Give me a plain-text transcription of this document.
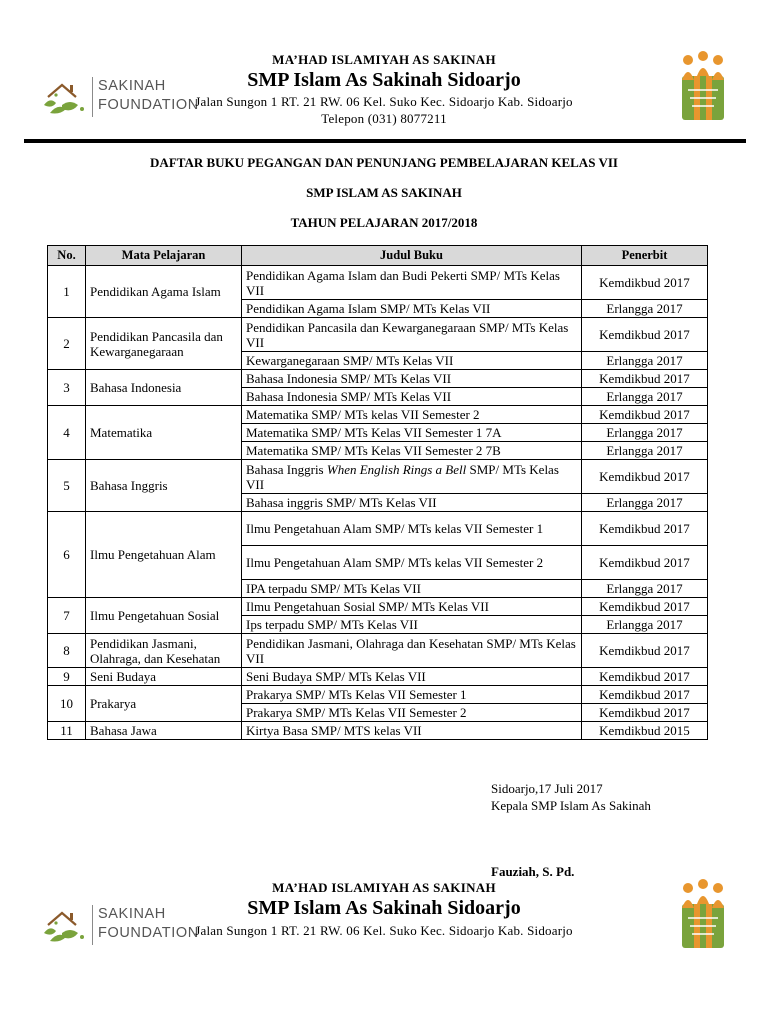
SAKINAH
FOUNDATION
MA’HAD ISLAMIYAH AS SAKINAH
SMP Islam As Sakinah Sidoarjo
Jalan Sungon 1 RT. 21 RW. 06 Kel. Suko Kec. Sidoarjo Kab. Sidoarjo
Telepon (031) 8077211
DAFTAR BUKU PEGANGAN DAN PENUNJANG PEMBELAJARAN KELAS VII
SMP ISLAM AS SAKINAH
TAHUN PELAJARAN 2017/2018
No.	Mata Pelajaran	Judul Buku	Penerbit
1	Pendidikan Agama Islam	Pendidikan Agama Islam dan Budi Pekerti SMP/ MTs Kelas VII	Kemdikbud 2017
		Pendidikan Agama Islam SMP/ MTs Kelas VII	Erlangga 2017
2	Pendidikan Pancasila dan Kewarganegaraan	Pendidikan Pancasila dan Kewarganegaraan SMP/ MTs Kelas VII	Kemdikbud 2017
		Kewarganegaraan SMP/ MTs Kelas VII	Erlangga 2017
3	Bahasa Indonesia	Bahasa Indonesia SMP/ MTs Kelas VII	Kemdikbud 2017
		Bahasa Indonesia SMP/ MTs Kelas VII	Erlangga 2017
4	Matematika	Matematika SMP/ MTs kelas VII Semester 2	Kemdikbud 2017
		Matematika SMP/ MTs Kelas VII Semester 1 7A	Erlangga 2017
		Matematika SMP/ MTs Kelas VII Semester 2 7B	Erlangga 2017
5	Bahasa Inggris	Bahasa Inggris When English Rings a Bell SMP/ MTs Kelas VII	Kemdikbud 2017
		Bahasa inggris SMP/ MTs Kelas VII	Erlangga 2017
6	Ilmu Pengetahuan Alam	Ilmu Pengetahuan Alam SMP/ MTs kelas VII Semester 1	Kemdikbud 2017
		Ilmu Pengetahuan Alam SMP/ MTs kelas VII Semester 2	Kemdikbud 2017
		IPA terpadu SMP/ MTs Kelas VII	Erlangga 2017
7	Ilmu Pengetahuan Sosial	Ilmu Pengetahuan Sosial SMP/ MTs Kelas VII	Kemdikbud 2017
		Ips terpadu SMP/ MTs Kelas VII	Erlangga 2017
8	Pendidikan Jasmani, Olahraga, dan Kesehatan	Pendidikan Jasmani, Olahraga dan Kesehatan SMP/ MTs Kelas VII	Kemdikbud 2017
9	Seni Budaya	Seni Budaya SMP/ MTs Kelas VII	Kemdikbud 2017
10	Prakarya	Prakarya SMP/ MTs Kelas VII Semester 1	Kemdikbud 2017
		Prakarya SMP/ MTs Kelas VII Semester 2	Kemdikbud 2017
11	Bahasa Jawa	Kirtya Basa SMP/ MTS kelas VII	Kemdikbud 2015
Sidoarjo,17 Juli 2017
Kepala SMP Islam As Sakinah
Fauziah, S. Pd.
SAKINAH
FOUNDATION
MA’HAD ISLAMIYAH AS SAKINAH
SMP Islam As Sakinah Sidoarjo
Jalan Sungon 1 RT. 21 RW. 06 Kel. Suko Kec. Sidoarjo Kab. Sidoarjo
